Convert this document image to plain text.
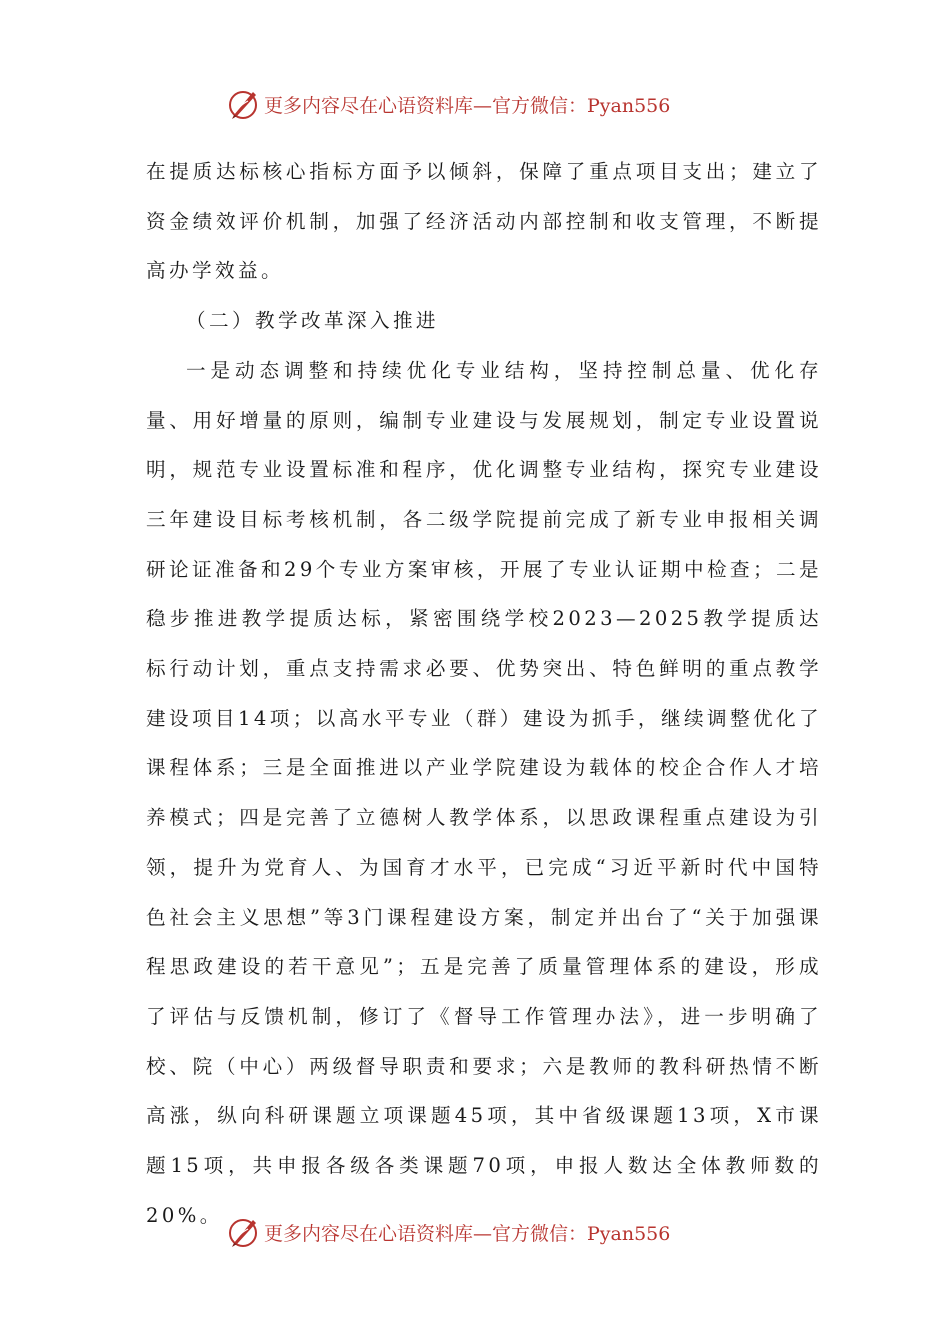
更多内容尽在心语资料库—官方微信：Pyan556

在提质达标核心指标方面予以倾斜，保障了重点项目支出；建立了资金绩效评价机制，加强了经济活动内部控制和收支管理，不断提高办学效益。

（二）教学改革深入推进

一是动态调整和持续优化专业结构，坚持控制总量、优化存量、用好增量的原则，编制专业建设与发展规划，制定专业设置说明，规范专业设置标准和程序，优化调整专业结构，探究专业建设三年建设目标考核机制，各二级学院提前完成了新专业申报相关调研论证准备和29个专业方案审核，开展了专业认证期中检查；二是稳步推进教学提质达标，紧密围绕学校2023—2025教学提质达标行动计划，重点支持需求必要、优势突出、特色鲜明的重点教学建设项目14项；以高水平专业（群）建设为抓手，继续调整优化了课程体系；三是全面推进以产业学院建设为载体的校企合作人才培养模式；四是完善了立德树人教学体系，以思政课程重点建设为引领，提升为党育人、为国育才水平，已完成“习近平新时代中国特色社会主义思想”等3门课程建设方案，制定并出台了“关于加强课程思政建设的若干意见”；五是完善了质量管理体系的建设，形成了评估与反馈机制，修订了《督导工作管理办法》，进一步明确了校、院（中心）两级督导职责和要求；六是教师的教科研热情不断高涨，纵向科研课题立项课题45项，其中省级课题13项，X市课题15项，共申报各级各类课题70项，申报人数达全体教师数的20%。

更多内容尽在心语资料库—官方微信：Pyan556
